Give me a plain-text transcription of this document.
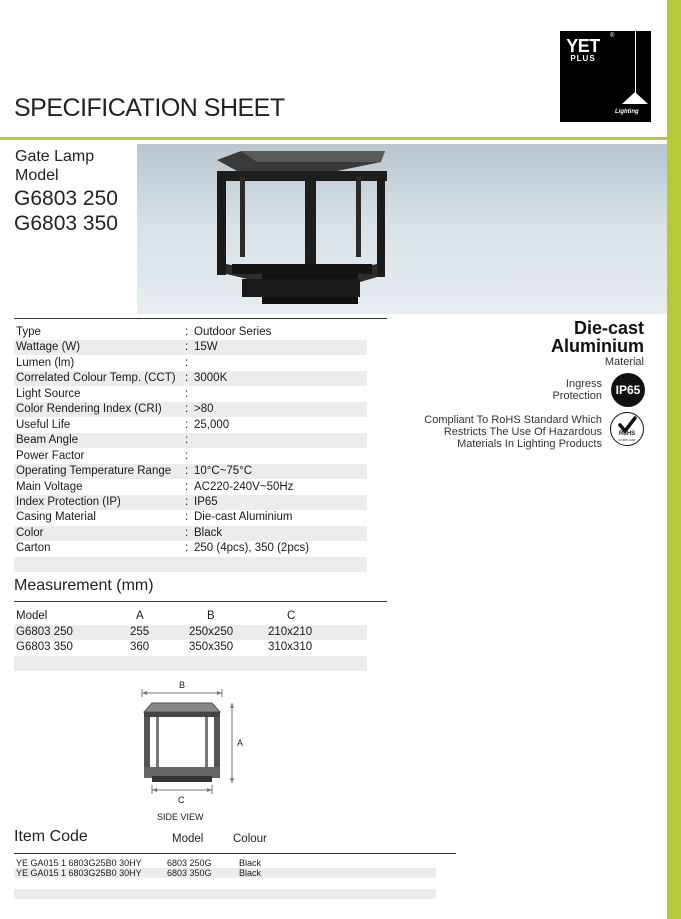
YET	®
PLUS
Lighting
SPECIFICATION SHEET
Gate Lamp
Model
G6803 250
G6803 350
Type	: Outdoor Series
Wattage (W)	: 15W
Lumen (lm)	:
Correlated Colour Temp. (CCT) : 3000K
Light Source	:
Color Rendering Index (CRI) : >80
Useful Life	: 25,000
Beam Angle	:
Power Factor	:
Operating Temperature Range : 10°C~75°C
Main Voltage	: AC220-240V~50Hz
Index Protection (IP)	: IP65
Casing Material	: Die-cast Aluminium
Color	: Black
Carton	: 250 (4pcs), 350 (2pcs)
Die-cast
Aluminium
Material
Ingress
Protection	IP65
Compliant To RoHS Standard Which
Restricts The Use Of Hazardous
Materials In Lighting Products
RoHS
COMPLIANT
Measurement (mm)
Model	A	B	C
G6803 250	255	250x250	210x210
G6803 350	360	350x350	310x310
B
A
C
SIDE VIEW
Item Code	Model	Colour
YE GA015 1 6803G25B0 30HY	6803 250G	Black
YE GA015 1 6803G25B0 30HY	6803 350G	Black
